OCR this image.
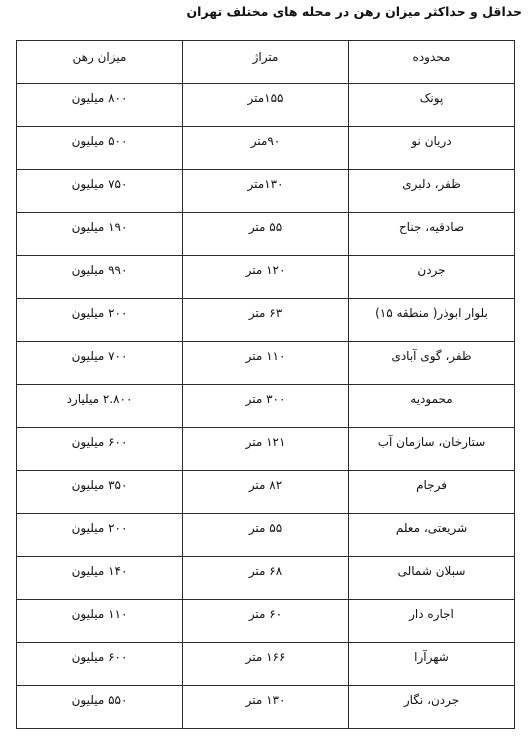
حداقل و حداکثر میزان رهن در محله های مختلف تهران
محدوده	متراژ	میزان رهن
پونک	۱۵۵متر	۸۰۰ میلیون
دریان نو	۹۰متر	۵۰۰ میلیون
ظفر، دلبری	۱۳۰متر	۷۵۰ میلیون
صادقیه، جناح	۵۵ متر	۱۹۰ میلیون
جردن	۱۲۰ متر	۹۹۰ میلیون
بلوار ابوذر( منطقه ۱۵)	۶۳ متر	۲۰۰ میلیون
ظفر، گوی آبادی	۱۱۰ متر	۷۰۰ میلیون
محمودیه	۳۰۰ متر	۲.۸۰۰ میلیارد
ستارخان، سازمان آب	۱۲۱ متر	۶۰۰ میلیون
فرجام	۸۲ متر	۳۵۰ میلیون
شریعتی، معلم	۵۵ متر	۲۰۰ میلیون
سبلان شمالی	۶۸ متر	۱۴۰ میلیون
اجاره دار	۶۰ متر	۱۱۰ میلیون
شهرآرا	۱۶۶ متر	۶۰۰ میلیون
جردن، نگار	۱۳۰ متر	۵۵۰ میلیون
